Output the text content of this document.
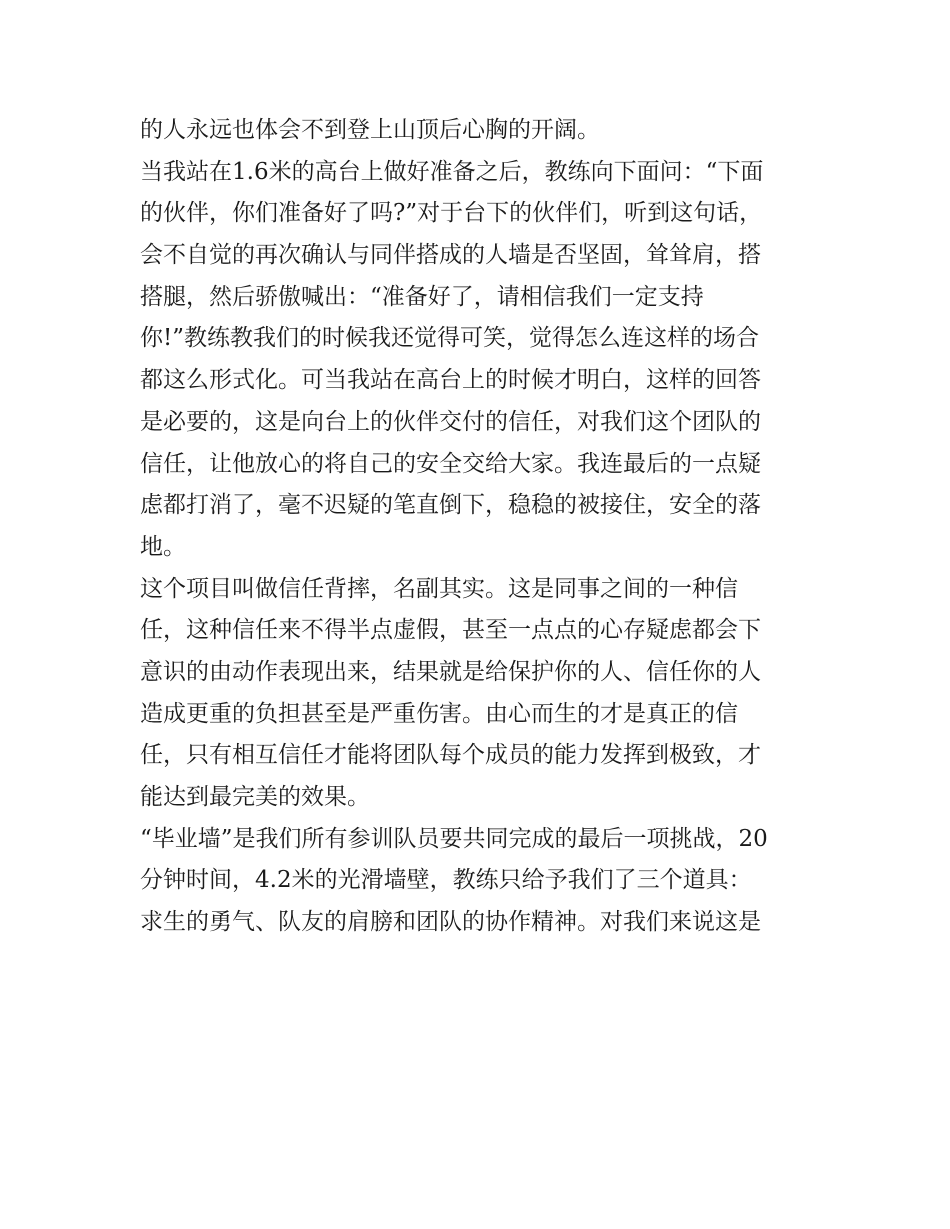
的人永远也体会不到登上山顶后心胸的开阔。
当我站在1.6米的高台上做好准备之后，教练向下面问：“下面
的伙伴，你们准备好了吗?”对于台下的伙伴们，听到这句话，
会不自觉的再次确认与同伴搭成的人墙是否坚固，耸耸肩，搭
搭腿，然后骄傲喊出：“准备好了，请相信我们一定支持
你!”教练教我们的时候我还觉得可笑，觉得怎么连这样的场合
都这么形式化。可当我站在高台上的时候才明白，这样的回答
是必要的，这是向台上的伙伴交付的信任，对我们这个团队的
信任，让他放心的将自己的安全交给大家。我连最后的一点疑
虑都打消了，毫不迟疑的笔直倒下，稳稳的被接住，安全的落
地。
这个项目叫做信任背摔，名副其实。这是同事之间的一种信
任，这种信任来不得半点虚假，甚至一点点的心存疑虑都会下
意识的由动作表现出来，结果就是给保护你的人、信任你的人
造成更重的负担甚至是严重伤害。由心而生的才是真正的信
任，只有相互信任才能将团队每个成员的能力发挥到极致，才
能达到最完美的效果。
“毕业墙”是我们所有参训队员要共同完成的最后一项挑战，20
分钟时间，4.2米的光滑墙壁，教练只给予我们了三个道具：
求生的勇气、队友的肩膀和团队的协作精神。对我们来说这是
